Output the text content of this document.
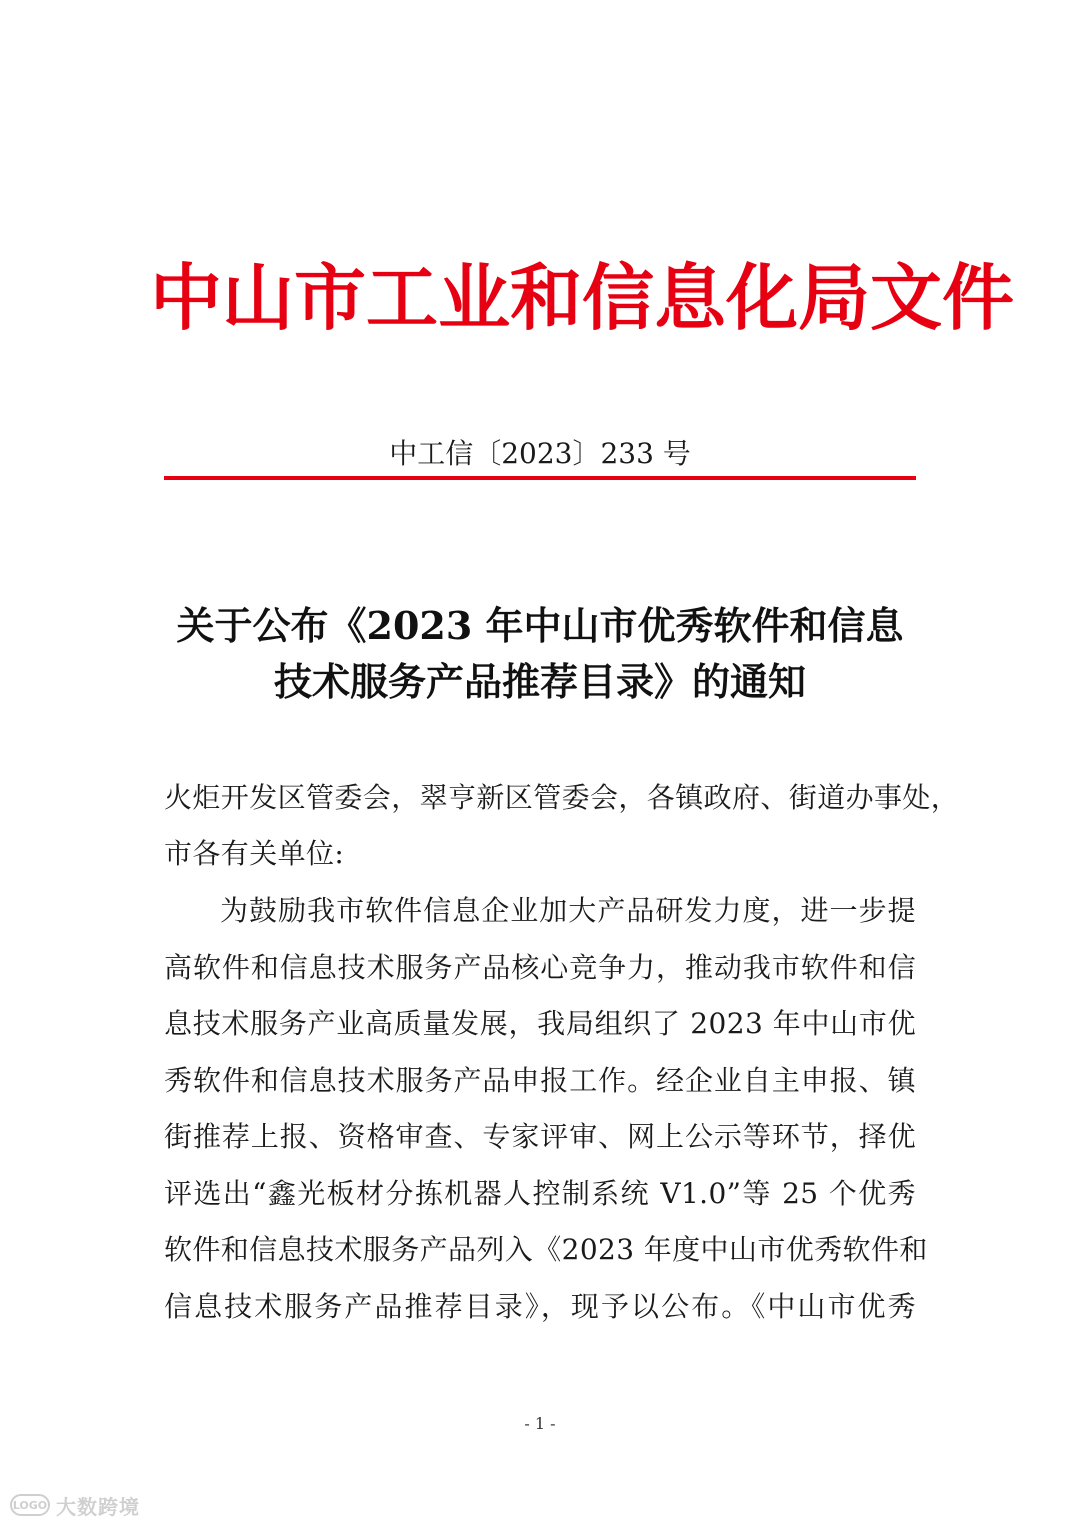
中山市工业和信息化局文件
中工信〔2023〕233 号
关于公布《2023 年中山市优秀软件和信息
技术服务产品推荐目录》的通知
火炬开发区管委会，翠亨新区管委会，各镇政府、街道办事处，
市各有关单位:
为鼓励我市软件信息企业加大产品研发力度，进一步提
高软件和信息技术服务产品核心竞争力，推动我市软件和信
息技术服务产业高质量发展，我局组织了 2023 年中山市优
秀软件和信息技术服务产品申报工作。经企业自主申报、镇
街推荐上报、资格审查、专家评审、网上公示等环节，择优
评选出“鑫光板材分拣机器人控制系统 V1.0”等 25 个优秀
软件和信息技术服务产品列入《2023 年度中山市优秀软件和
信息技术服务产品推荐目录》，现予以公布。《中山市优秀
- 1 -
LOGO 大数跨境
